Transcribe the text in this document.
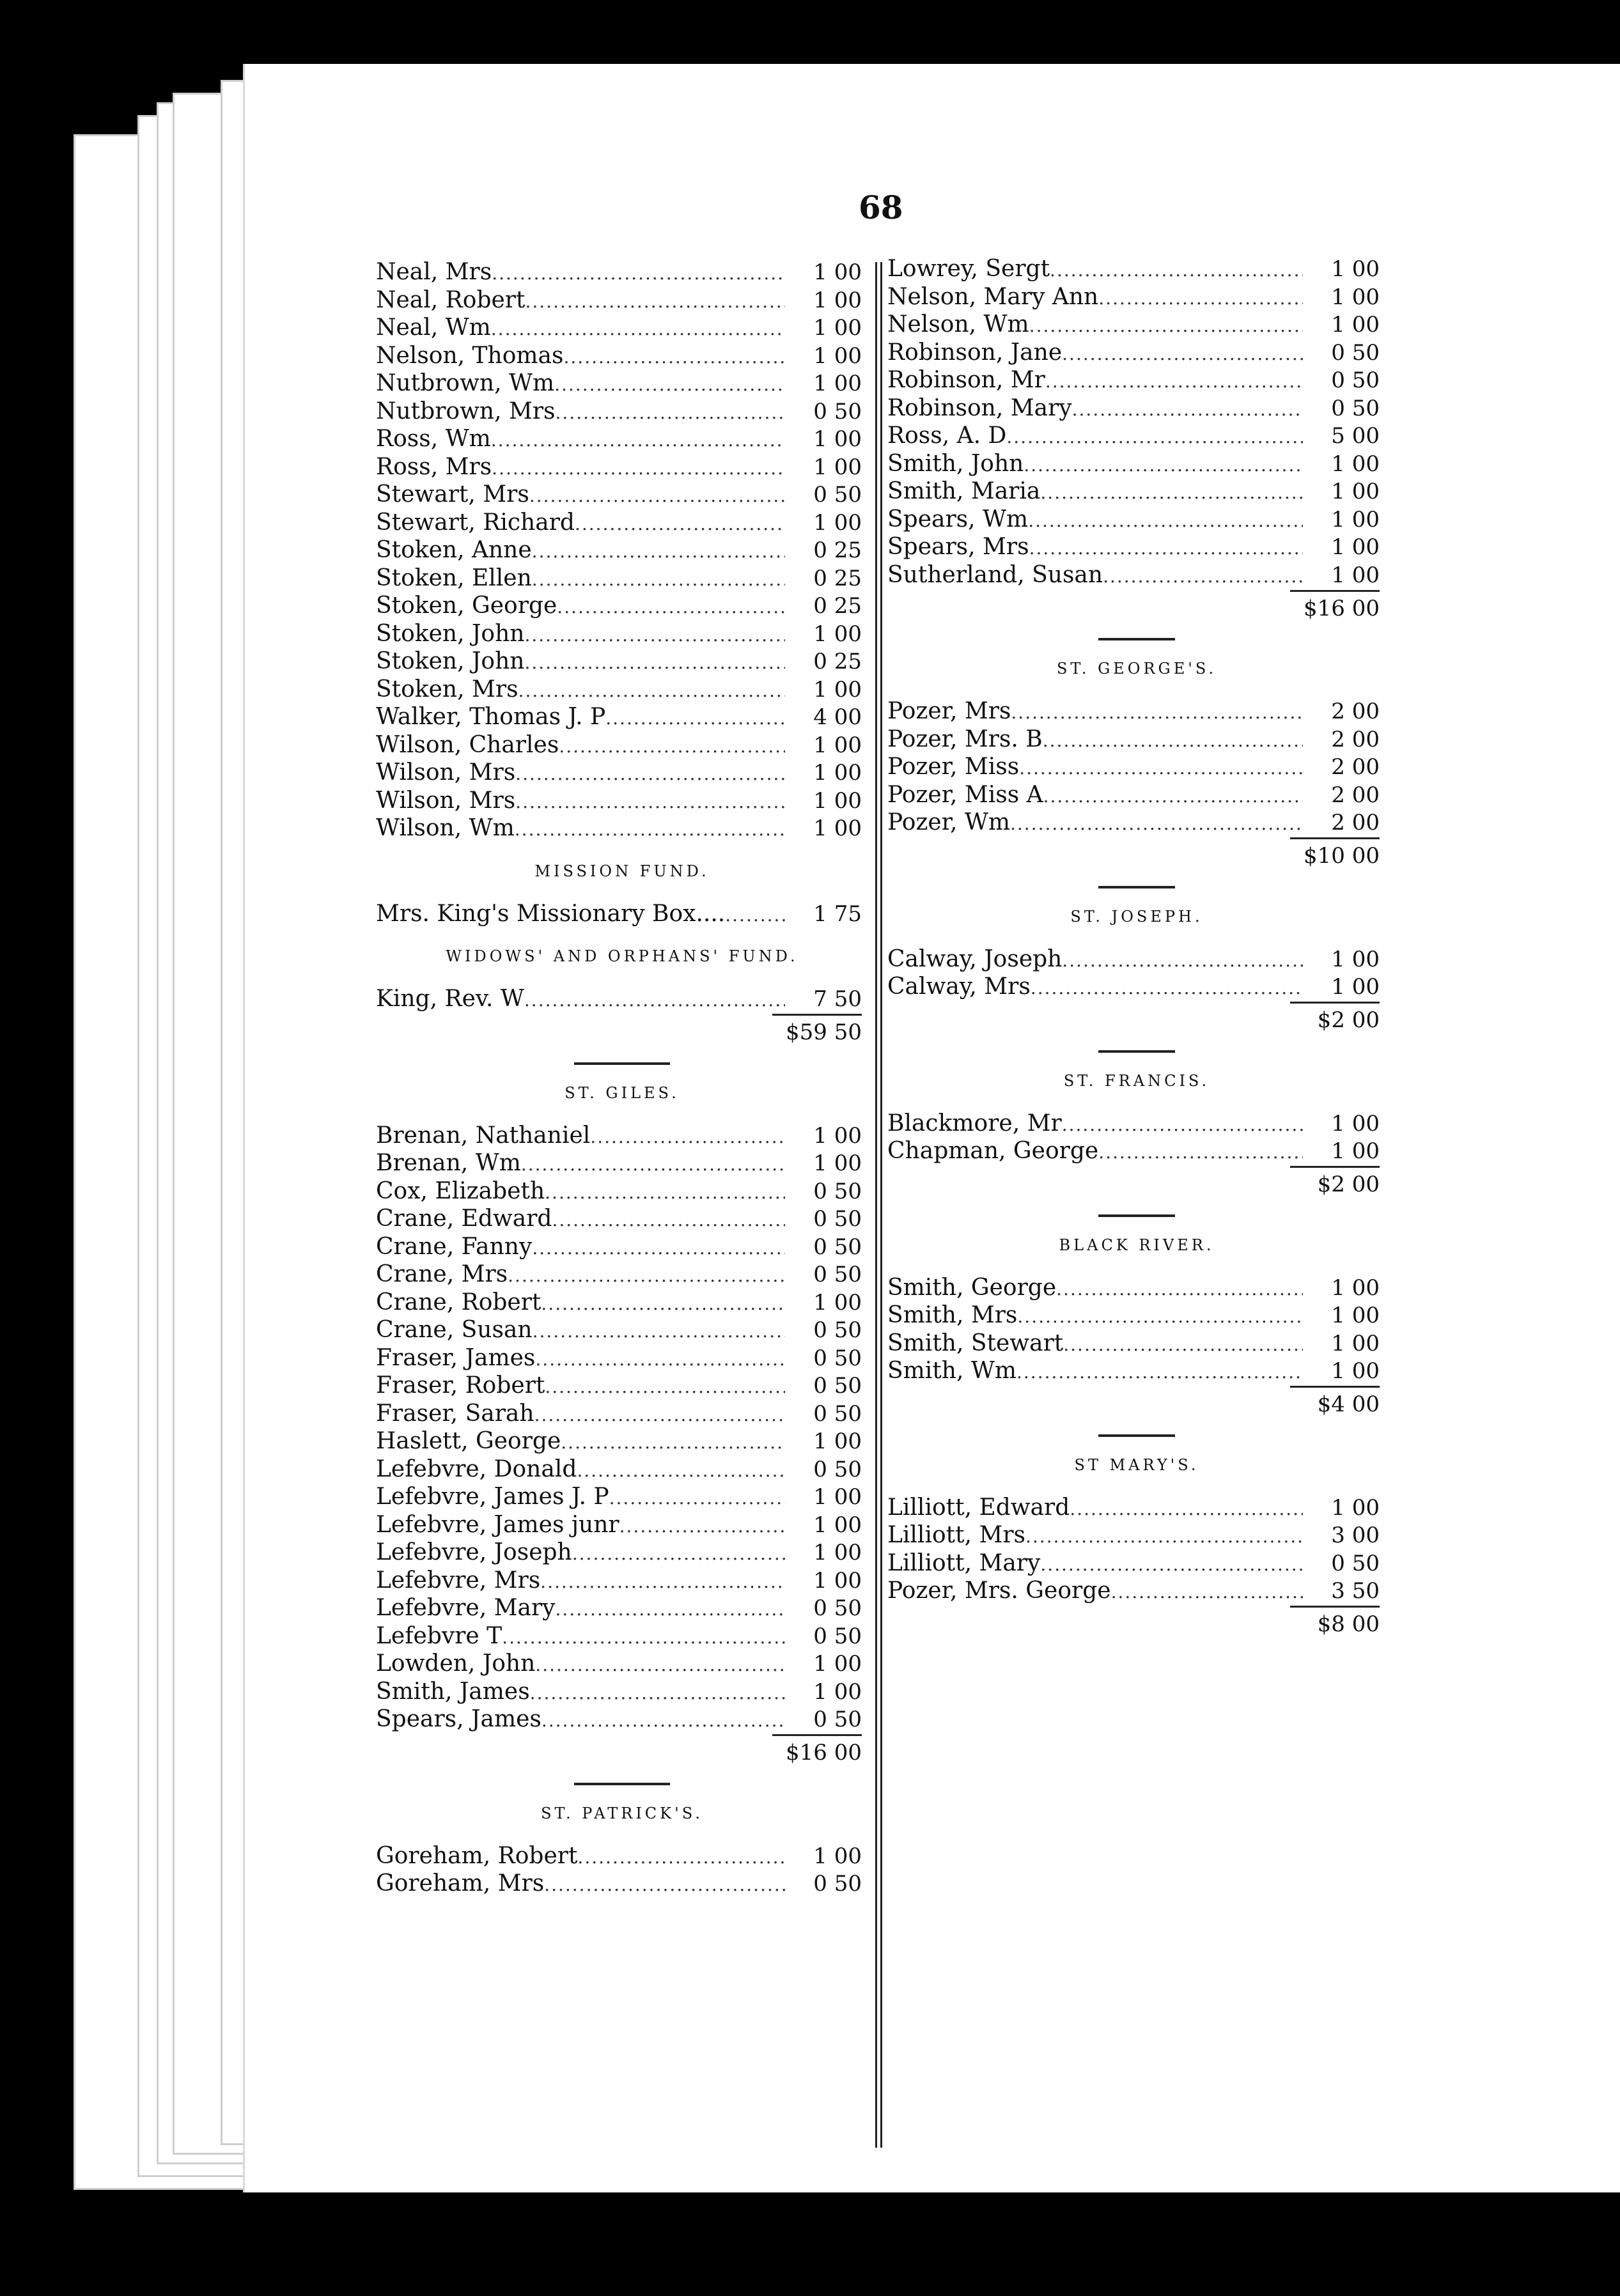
68
Neal, Mrs .....	1 00
Neal, Robert .....	1 00
Neal, Wm .....	1 00
Nelson, Thomas .....	1 00
Nutbrown, Wm .....	1 00
Nutbrown, Mrs .....	0 50
Ross, Wm .....	1 00
Ross, Mrs .....	1 00
Stewart, Mrs .....	0 50
Stewart, Richard .....	1 00
Stoken, Anne .....	0 25
Stoken, Ellen .....	0 25
Stoken, George .....	0 25
Stoken, John .....	1 00
Stoken, John .....	0 25
Stoken, Mrs .....	1 00
Walker, Thomas J. P .....	4 00
Wilson, Charles .....	1 00
Wilson, Mrs .....	1 00
Wilson, Mrs .....	1 00
Wilson, Wm .....	1 00
MISSION FUND.
Mrs. King's Missionary Box.... .....	1 75
WIDOWS' AND ORPHANS' FUND.
King, Rev. W .....	7 50
$59 50
ST. GILES.
Brenan, Nathaniel .....	1 00
Brenan, Wm .....	1 00
Cox, Elizabeth .....	0 50
Crane, Edward .....	0 50
Crane, Fanny .....	0 50
Crane, Mrs .....	0 50
Crane, Robert .....	1 00
Crane, Susan .....	0 50
Fraser, James .....	0 50
Fraser, Robert .....	0 50
Fraser, Sarah .....	0 50
Haslett, George .....	1 00
Lefebvre, Donald .....	0 50
Lefebvre, James J. P .....	1 00
Lefebvre, James junr .....	1 00
Lefebvre, Joseph .....	1 00
Lefebvre, Mrs .....	1 00
Lefebvre, Mary .....	0 50
Lefebvre T .....	0 50
Lowden, John .....	1 00
Smith, James .....	1 00
Spears, James .....	0 50
$16 00
ST. PATRICK'S.
Goreham, Robert .....	1 00
Goreham, Mrs .....	0 50
Lowrey, Sergt .....	1 00
Nelson, Mary Ann .....	1 00
Nelson, Wm .....	1 00
Robinson, Jane .....	0 50
Robinson, Mr .....	0 50
Robinson, Mary .....	0 50
Ross, A. D .....	5 00
Smith, John .....	1 00
Smith, Maria .....	1 00
Spears, Wm .....	1 00
Spears, Mrs .....	1 00
Sutherland, Susan .....	1 00
$16 00
ST. GEORGE'S.
Pozer, Mrs .....	2 00
Pozer, Mrs. B .....	2 00
Pozer, Miss .....	2 00
Pozer, Miss A .....	2 00
Pozer, Wm .....	2 00
$10 00
ST. JOSEPH.
Calway, Joseph .....	1 00
Calway, Mrs .....	1 00
$2 00
ST. FRANCIS.
Blackmore, Mr .....	1 00
Chapman, George .....	1 00
$2 00
BLACK RIVER.
Smith, George .....	1 00
Smith, Mrs .....	1 00
Smith, Stewart .....	1 00
Smith, Wm .....	1 00
$4 00
ST MARY'S.
Lilliott, Edward .....	1 00
Lilliott, Mrs .....	3 00
Lilliott, Mary .....	0 50
Pozer, Mrs. George .....	3 50
$8 00
